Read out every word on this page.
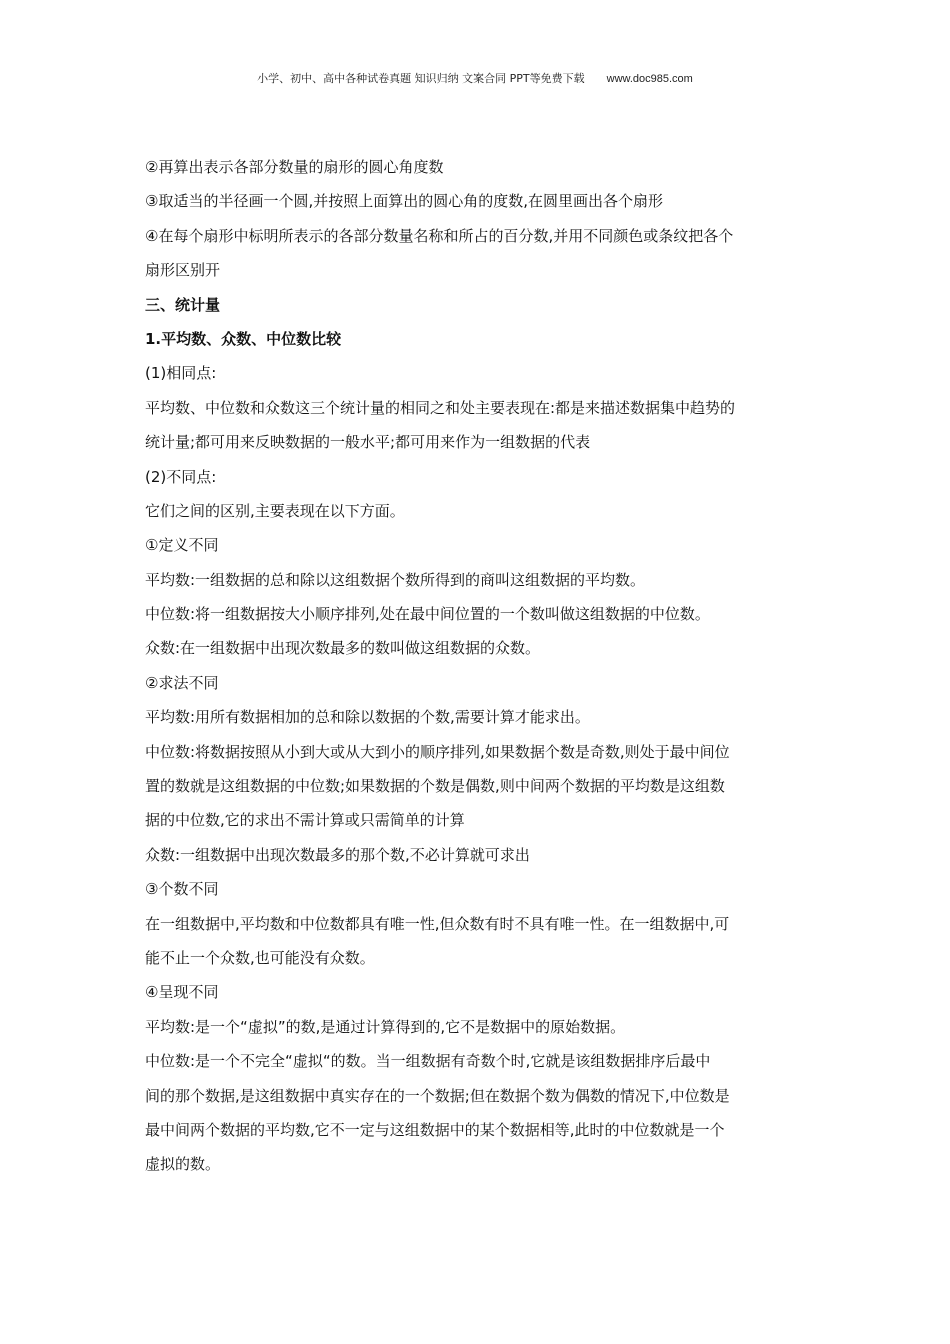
小学、初中、高中各种试卷真题 知识归纳 文案合同 PPT等免费下载 www.doc985.com
②再算出表示各部分数量的扇形的圆心角度数
③取适当的半径画一个圆,并按照上面算出的圆心角的度数,在圆里画出各个扇形
④在每个扇形中标明所表示的各部分数量名称和所占的百分数,并用不同颜色或条纹把各个
扇形区别开
三、统计量
1.平均数、众数、中位数比较
(1)相同点:
平均数、中位数和众数这三个统计量的相同之和处主要表现在:都是来描述数据集中趋势的
统计量;都可用来反映数据的一般水平;都可用来作为一组数据的代表
(2)不同点:
它们之间的区别,主要表现在以下方面。
①定义不同
平均数:一组数据的总和除以这组数据个数所得到的商叫这组数据的平均数。
中位数:将一组数据按大小顺序排列,处在最中间位置的一个数叫做这组数据的中位数。
众数:在一组数据中出现次数最多的数叫做这组数据的众数。
②求法不同
平均数:用所有数据相加的总和除以数据的个数,需要计算才能求出。
中位数:将数据按照从小到大或从大到小的顺序排列,如果数据个数是奇数,则处于最中间位
置的数就是这组数据的中位数;如果数据的个数是偶数,则中间两个数据的平均数是这组数
据的中位数,它的求出不需计算或只需简单的计算
众数:一组数据中出现次数最多的那个数,不必计算就可求出
③个数不同
在一组数据中,平均数和中位数都具有唯一性,但众数有时不具有唯一性。在一组数据中,可
能不止一个众数,也可能没有众数。
④呈现不同
平均数:是一个“虚拟”的数,是通过计算得到的,它不是数据中的原始数据。
中位数:是一个不完全“虚拟“的数。当一组数据有奇数个时,它就是该组数据排序后最中
间的那个数据,是这组数据中真实存在的一个数据;但在数据个数为偶数的情况下,中位数是
最中间两个数据的平均数,它不一定与这组数据中的某个数据相等,此时的中位数就是一个
虚拟的数。
